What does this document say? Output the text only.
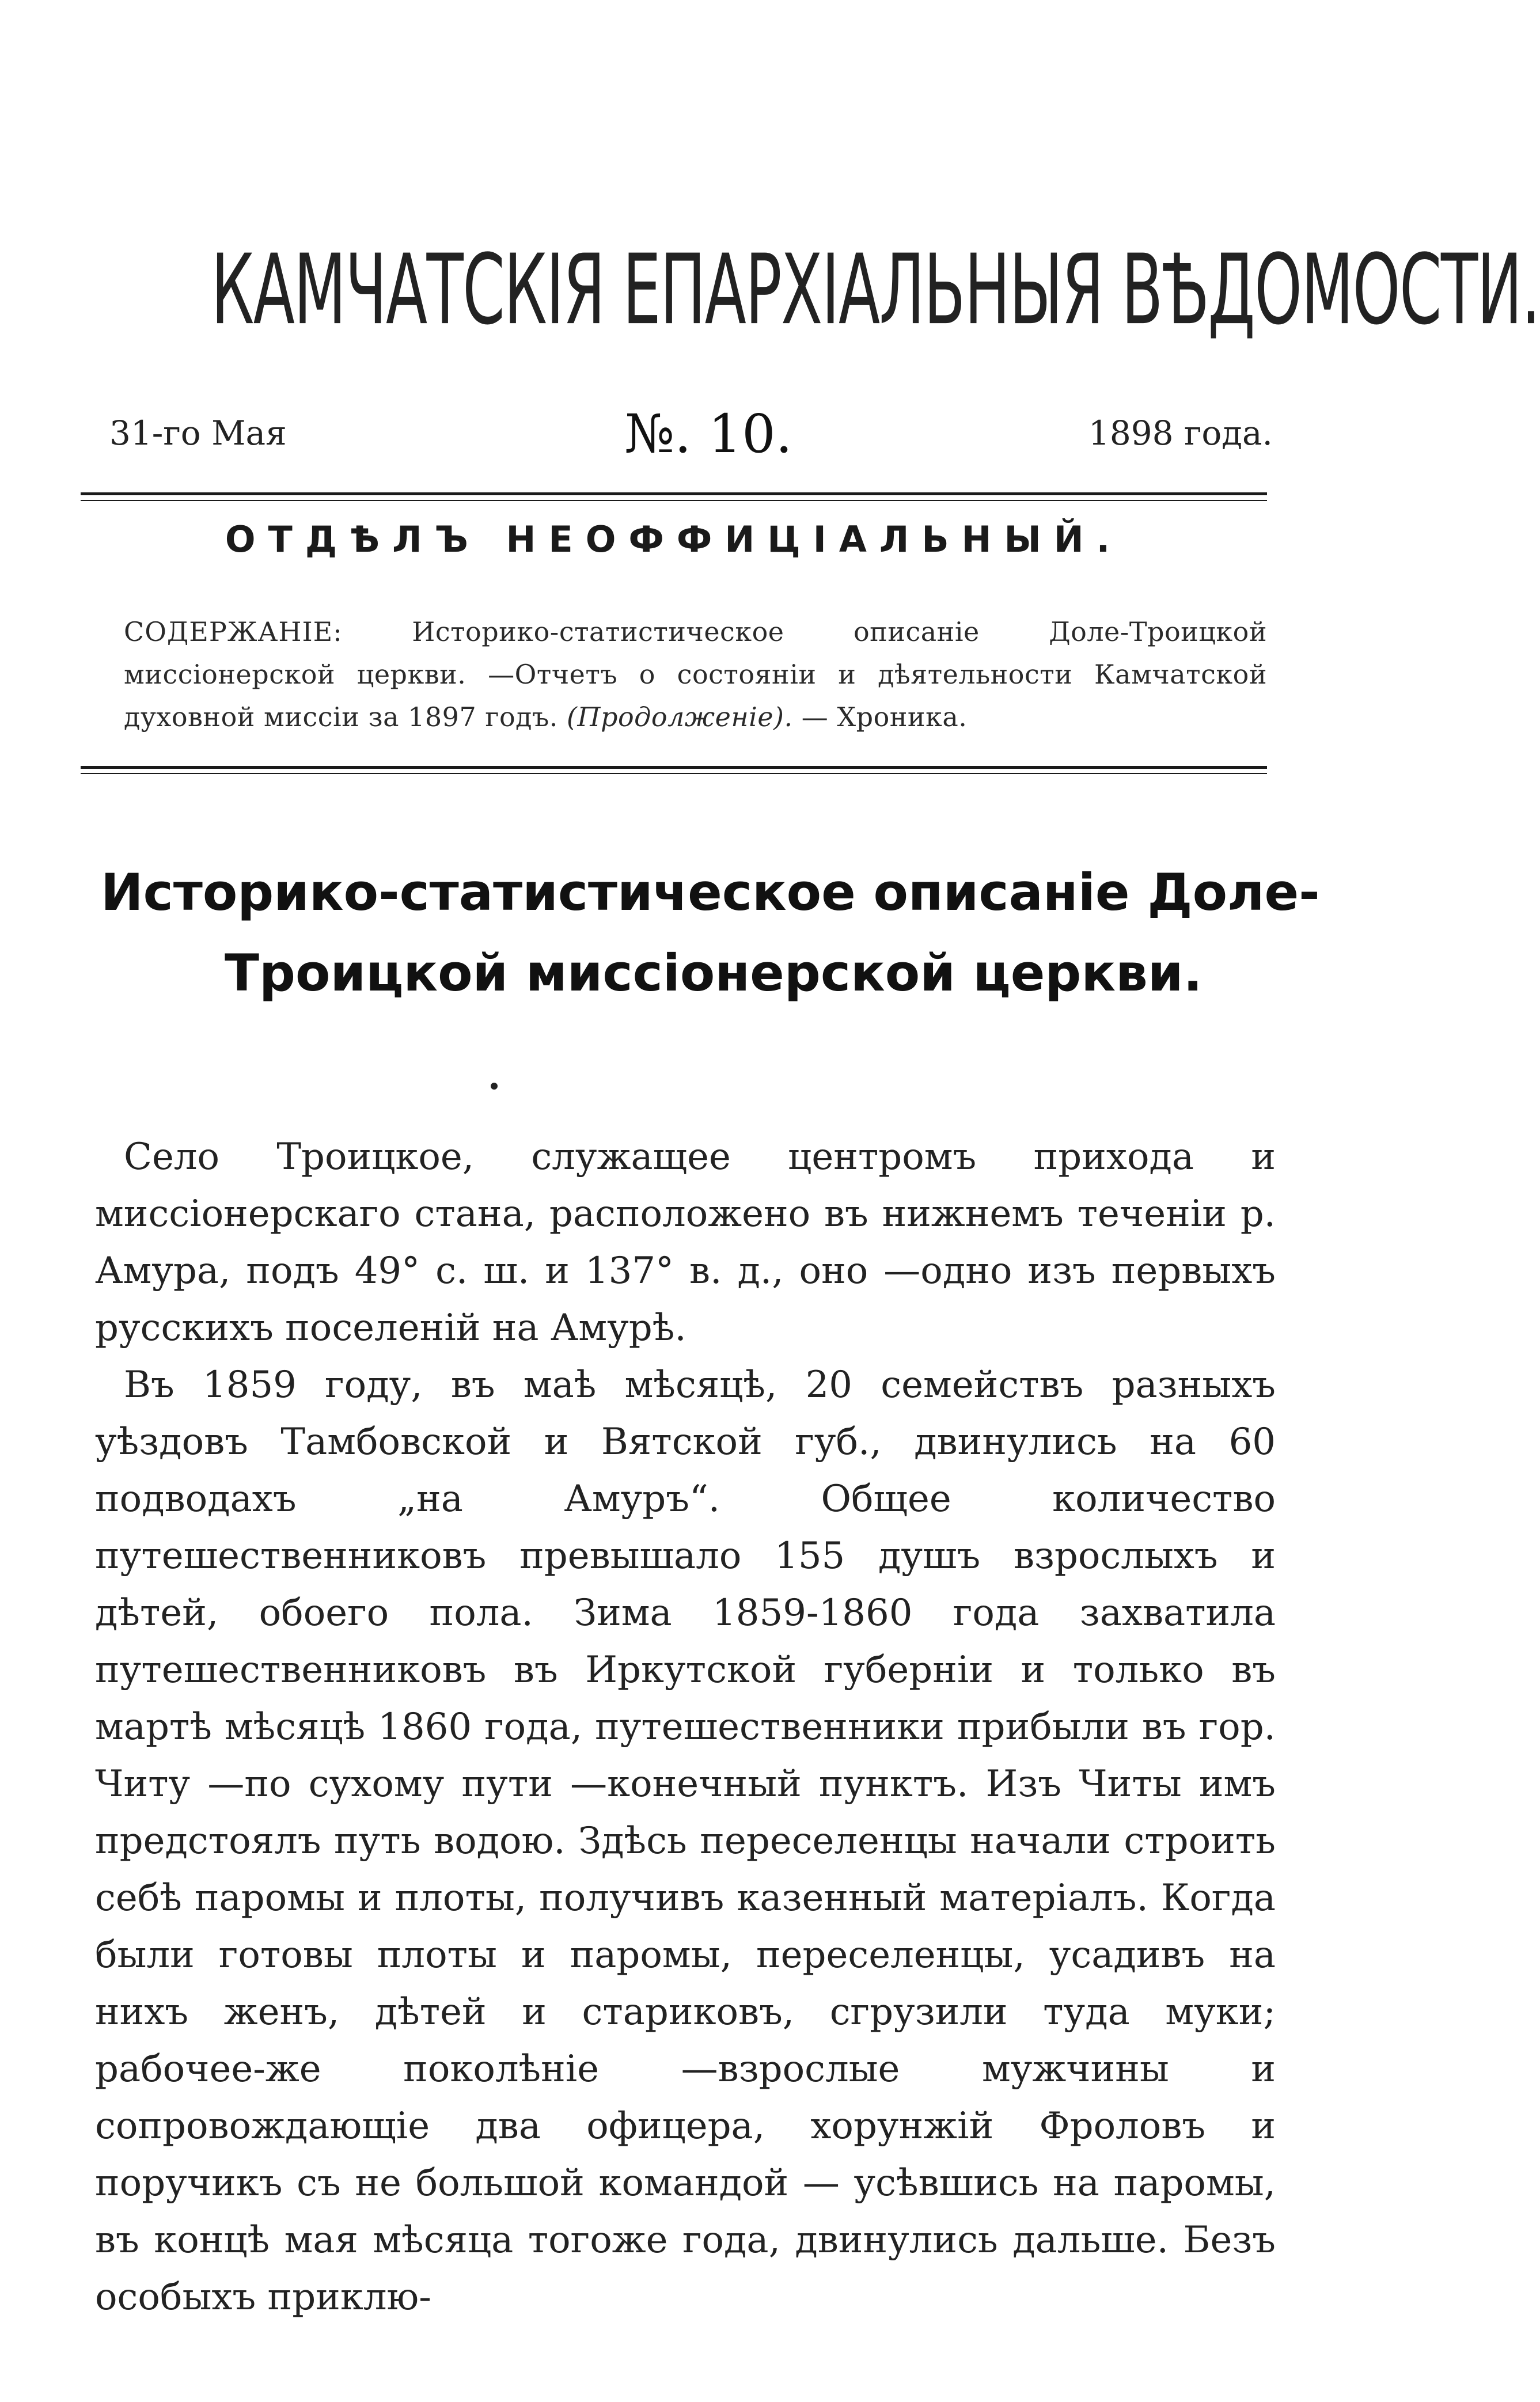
КАМЧАТСКІЯ ЕПАРХІАЛЬНЫЯ ВѢДОМОСТИ.
31-го Мая	№. 10.	1898 года.
ОТДѢЛЪ НЕОФФИЦІАЛЬНЫЙ.
СОДЕРЖАНІЕ: Историко-статистическое описаніе Доле-Троицкой миссіонерской церкви. —Отчетъ о состояніи и дѣятельности Камчатской духовной миссіи за 1897 годъ. (Продолженіе). — Хроника.
Историко-статистическое описаніе Доле-
Троицкой миссіонерской церкви.

Село Троицкое, служащее центромъ прихода и миссіонерскаго стана, расположено въ нижнемъ теченіи р. Амура, подъ 49° с. ш. и 137° в. д., оно —одно изъ первыхъ русскихъ поселеній на Амурѣ.

Въ 1859 году, въ маѣ мѣсяцѣ, 20 семействъ разныхъ уѣздовъ Тамбовской и Вятской губ., двинулись на 60 подводахъ „на Амуръ“. Общее количество путешественниковъ превышало 155 душъ взрослыхъ и дѣтей, обоего пола. Зима 1859-1860 года захватила путешественниковъ въ Иркутской губерніи и только въ мартѣ мѣсяцѣ 1860 года, путешественники прибыли въ гор. Читу —по сухому пути —конечный пунктъ. Изъ Читы имъ предстоялъ путь водою. Здѣсь переселенцы начали строить себѣ паромы и плоты, получивъ казенный матеріалъ. Когда были готовы плоты и паромы, переселенцы, усадивъ на нихъ женъ, дѣтей и стариковъ, сгрузили туда муки; рабочее-же поколѣніе —взрослые мужчины и сопровождающіе два офицера, хорунжій Фроловъ и поручикъ съ не большой командой — усѣвшись на паромы, въ концѣ мая мѣсяца тогоже года, двинулись дальше. Безъ особыхъ приклю-
